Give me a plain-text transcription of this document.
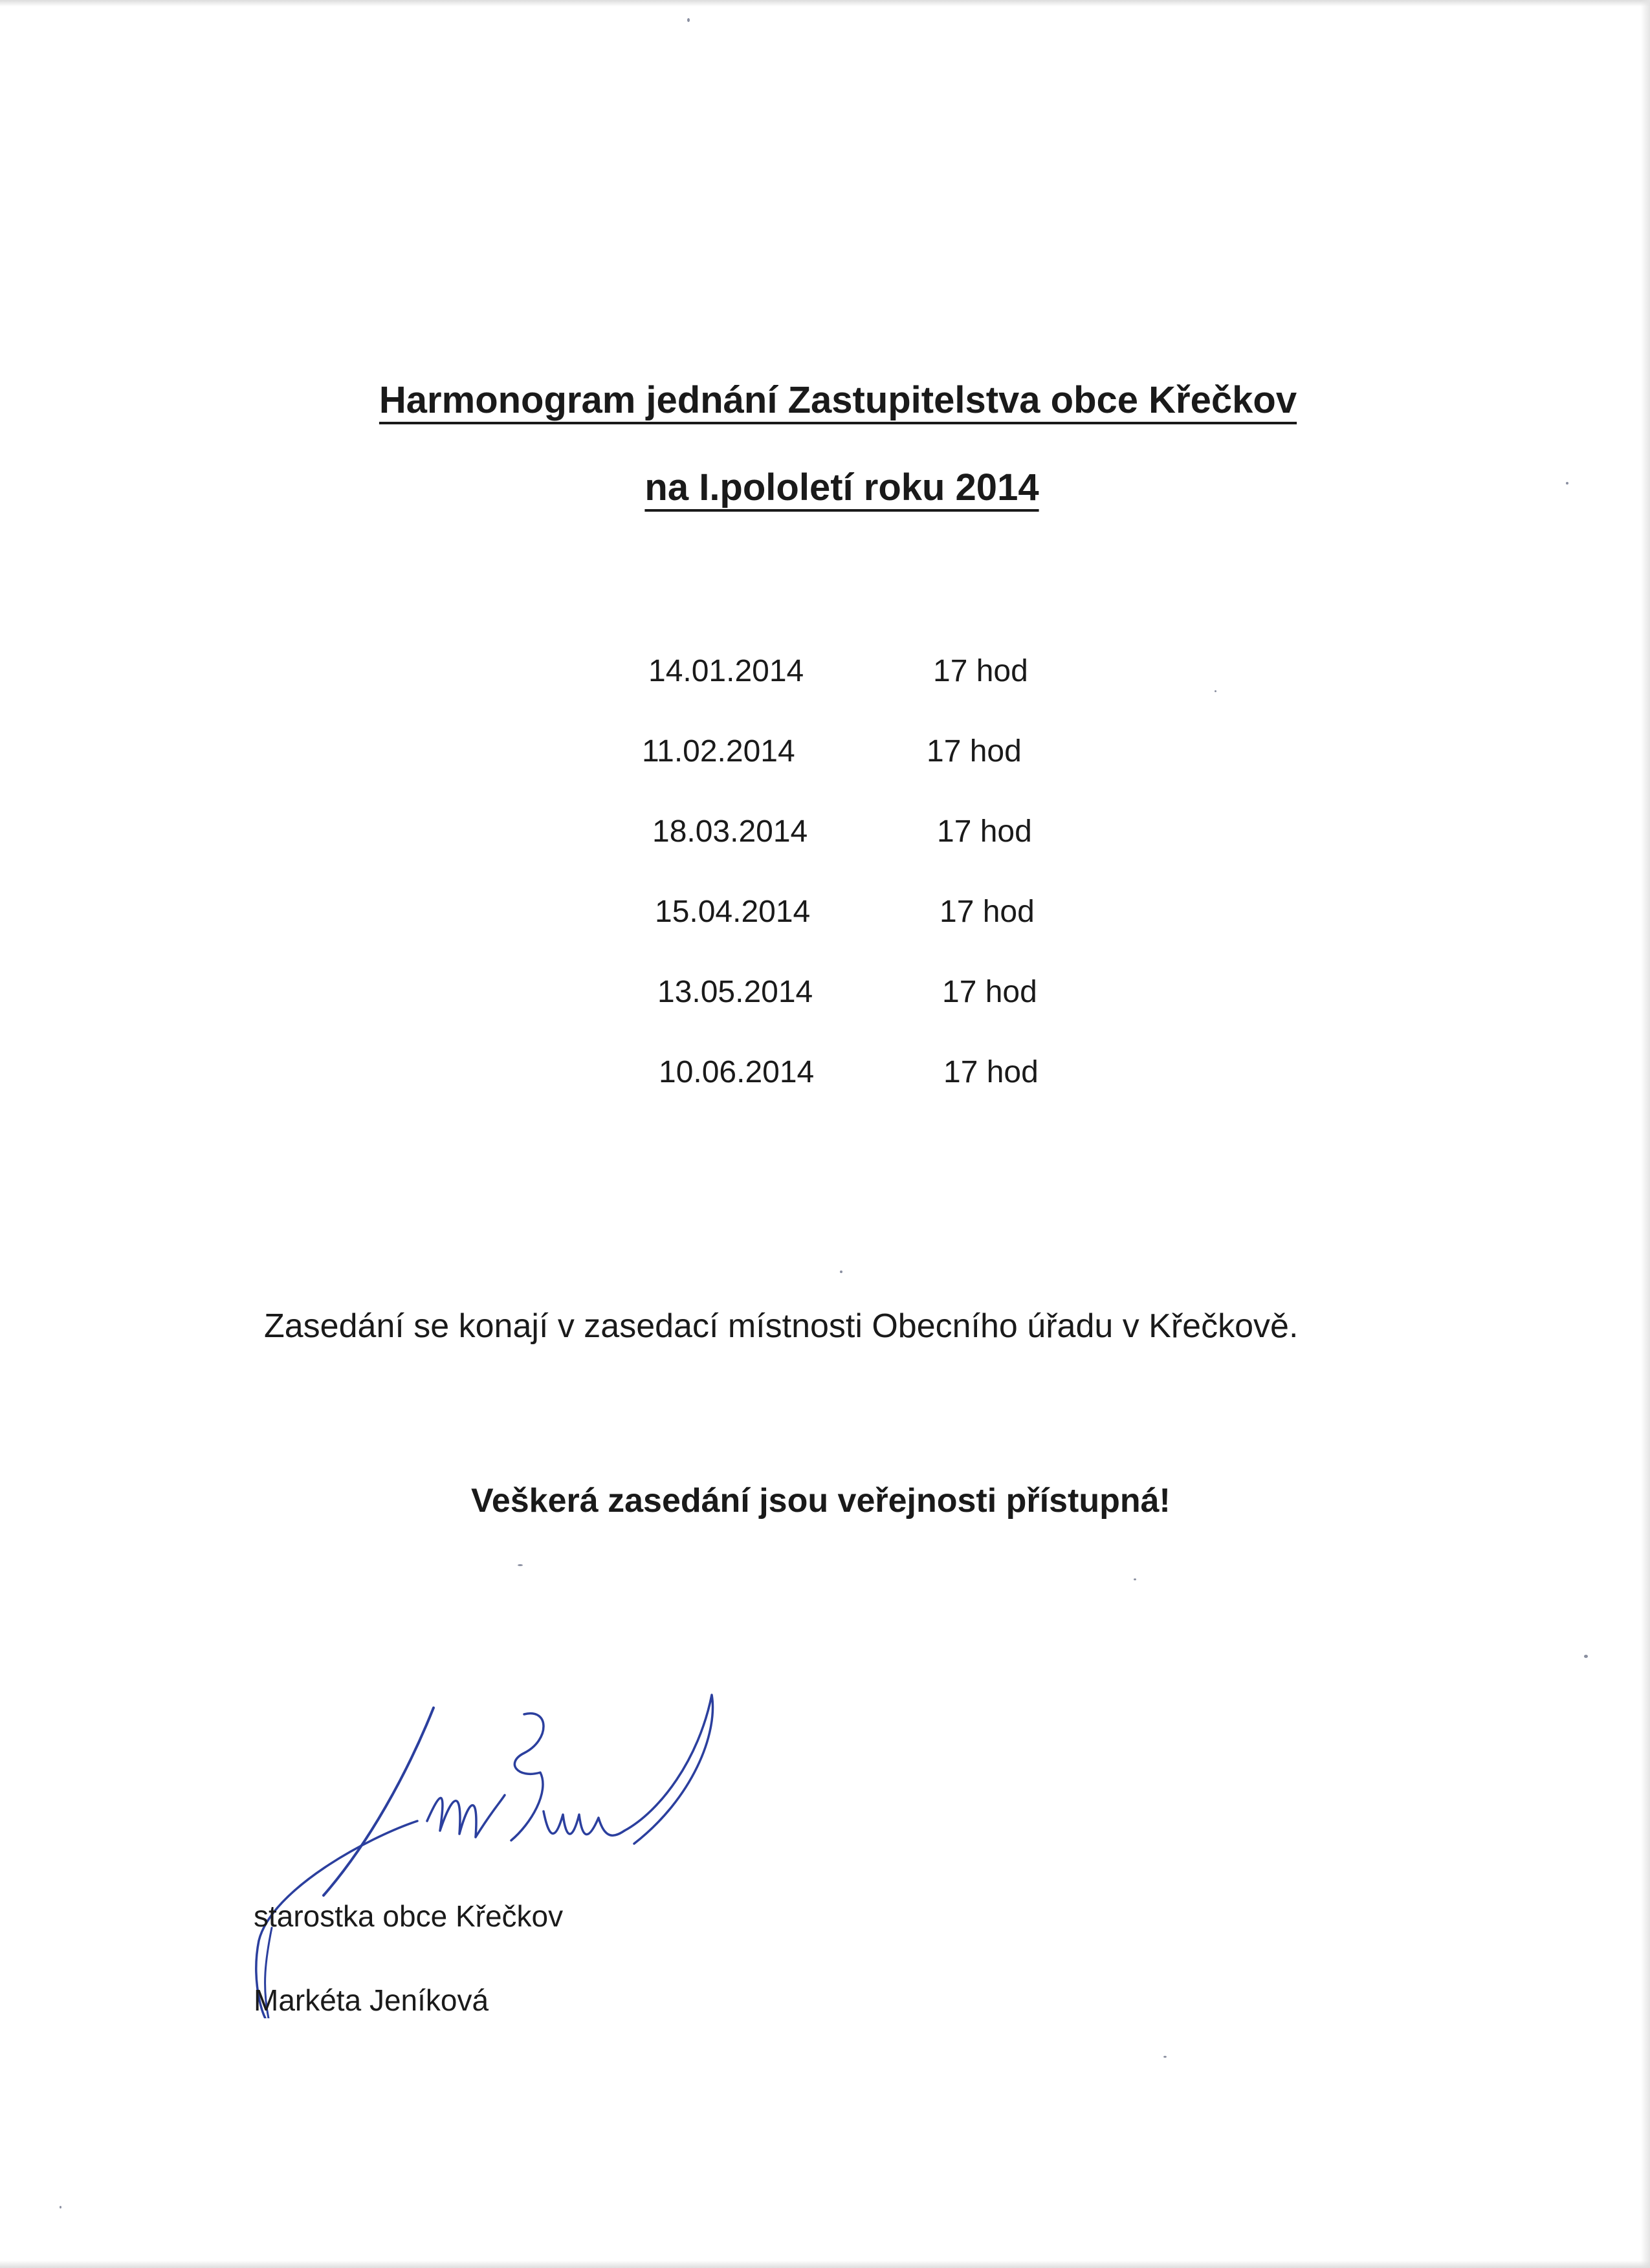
Harmonogram jednání Zastupitelstva obce Křečkov
na I.pololetí roku 2014
14.01.2014	17 hod
11.02.2014	17 hod
18.03.2014	17 hod
15.04.2014	17 hod
13.05.2014	17 hod
10.06.2014	17 hod

Zasedání se konají v zasedací místnosti Obecního úřadu v Křečkově.

Veškerá zasedání jsou veřejnosti přístupná!

starostka obce Křečkov

Markéta Jeníková
